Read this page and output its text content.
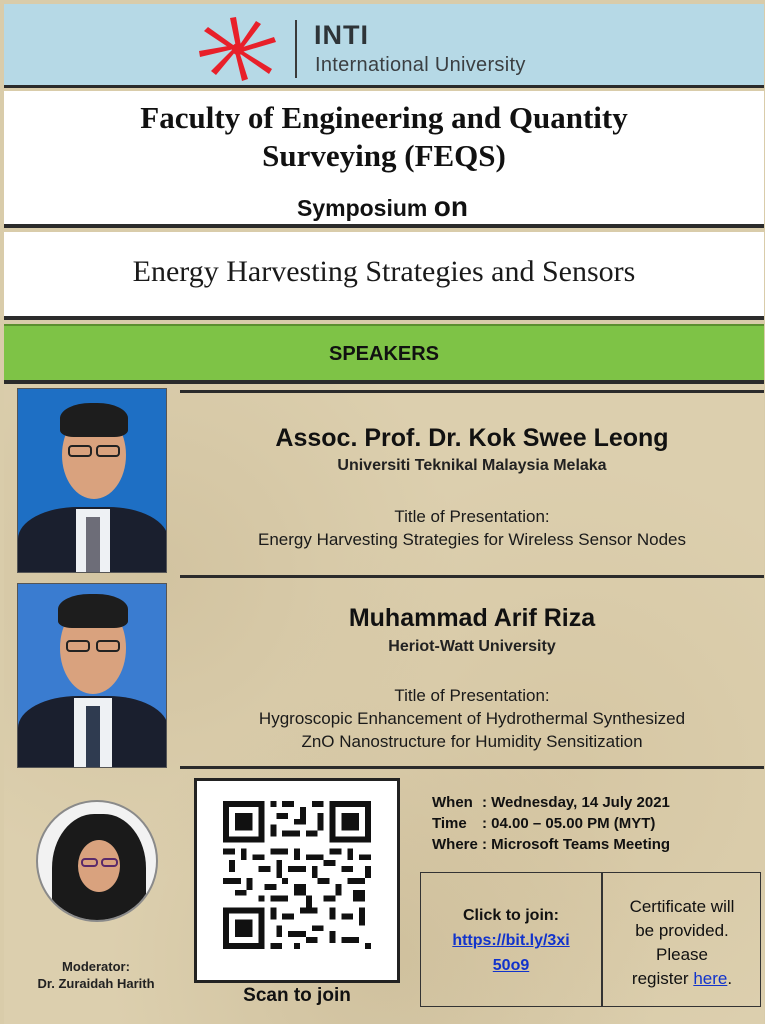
INTI
International University
Faculty of Engineering and Quantity
Surveying (FEQS)
Symposium on
Energy Harvesting Strategies and Sensors
SPEAKERS
Assoc. Prof. Dr. Kok Swee Leong
Universiti Teknikal Malaysia Melaka
Title of Presentation:
Energy Harvesting Strategies for Wireless Sensor Nodes
Muhammad Arif Riza
Heriot-Watt University
Title of Presentation:
Hygroscopic Enhancement of Hydrothermal Synthesized
ZnO Nanostructure for Humidity Sensitization
Moderator:
Dr. Zuraidah Harith
Scan to join
When : Wednesday, 14 July 2021
Time : 04.00 – 05.00 PM (MYT)
Where : Microsoft Teams Meeting
Click to join:
https://bit.ly/3xi
50o9
Certificate will
be provided.
Please
register here.
